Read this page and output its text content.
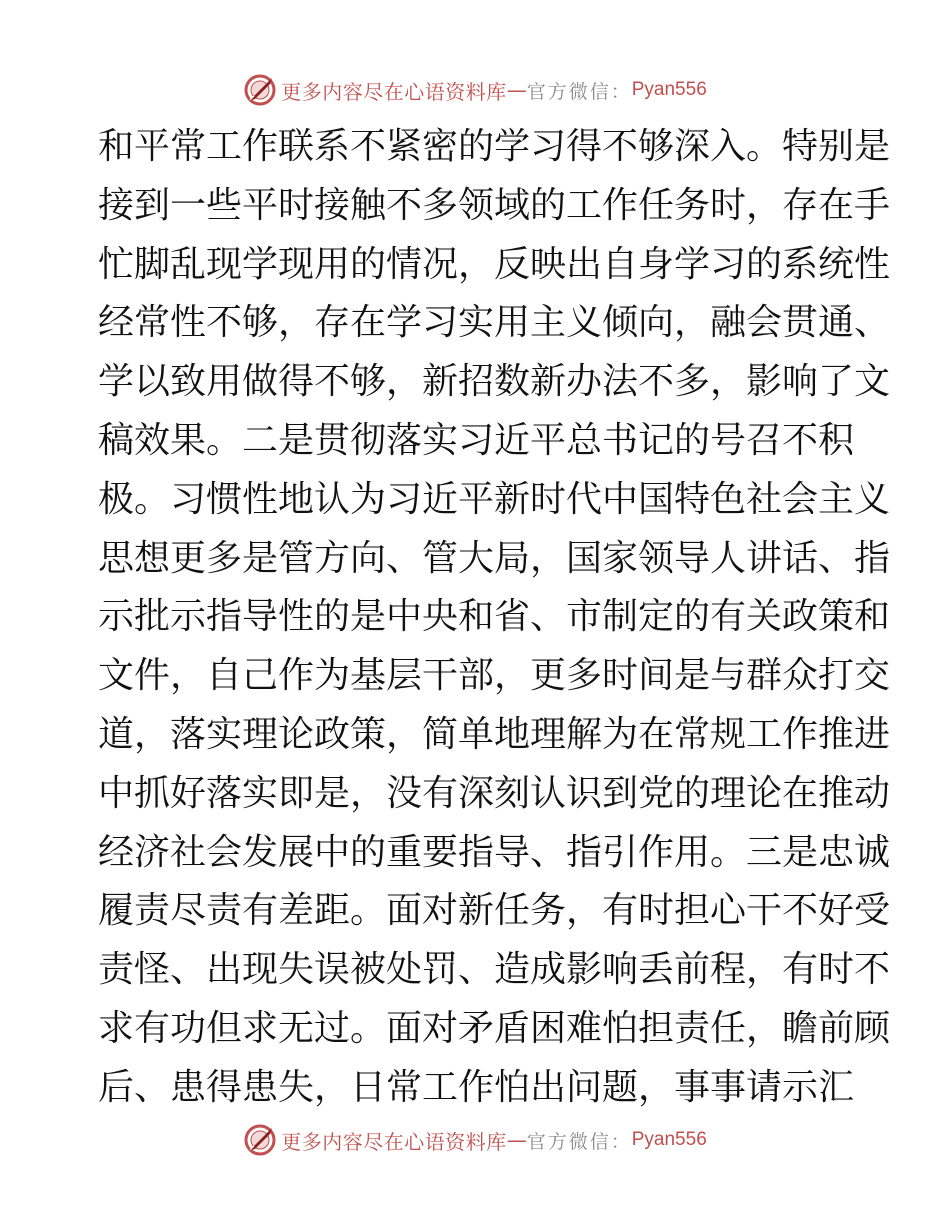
更多内容尽在心语资料库 — 官方微信： Pyan556
和平常工作联系不紧密的学习得不够深入。特别是
接到一些平时接触不多领域的工作任务时，存在手
忙脚乱现学现用的情况，反映出自身学习的系统性
经常性不够，存在学习实用主义倾向，融会贯通、
学以致用做得不够，新招数新办法不多，影响了文
稿效果。二是贯彻落实习近平总书记的号召不积
极。习惯性地认为习近平新时代中国特色社会主义
思想更多是管方向、管大局，国家领导人讲话、指
示批示指导性的是中央和省、市制定的有关政策和
文件，自己作为基层干部，更多时间是与群众打交
道，落实理论政策，简单地理解为在常规工作推进
中抓好落实即是，没有深刻认识到党的理论在推动
经济社会发展中的重要指导、指引作用。三是忠诚
履责尽责有差距。面对新任务，有时担心干不好受
责怪、出现失误被处罚、造成影响丢前程，有时不
求有功但求无过。面对矛盾困难怕担责任，瞻前顾
后、患得患失，日常工作怕出问题，事事请示汇
更多内容尽在心语资料库 — 官方微信： Pyan556
